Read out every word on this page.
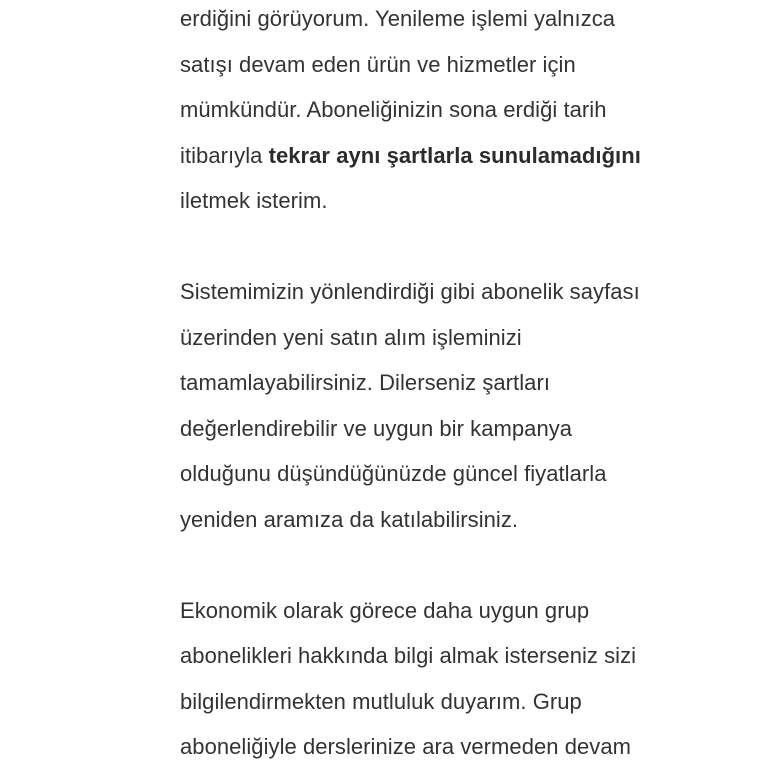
erdiğini görüyorum. Yenileme işlemi yalnızca
satışı devam eden ürün ve hizmetler için
mümkündür. Aboneliğinizin sona erdiği tarih
itibarıyla tekrar aynı şartlarla sunulamadığını
iletmek isterim.

Sistemimizin yönlendirdiği gibi abonelik sayfası
üzerinden yeni satın alım işleminizi
tamamlayabilirsiniz. Dilerseniz şartları
değerlendirebilir ve uygun bir kampanya
olduğunu düşündüğünüzde güncel fiyatlarla
yeniden aramıza da katılabilirsiniz.

Ekonomik olarak görece daha uygun grup
abonelikleri hakkında bilgi almak isterseniz sizi
bilgilendirmekten mutluluk duyarım. Grup
aboneliğiyle derslerinize ara vermeden devam
